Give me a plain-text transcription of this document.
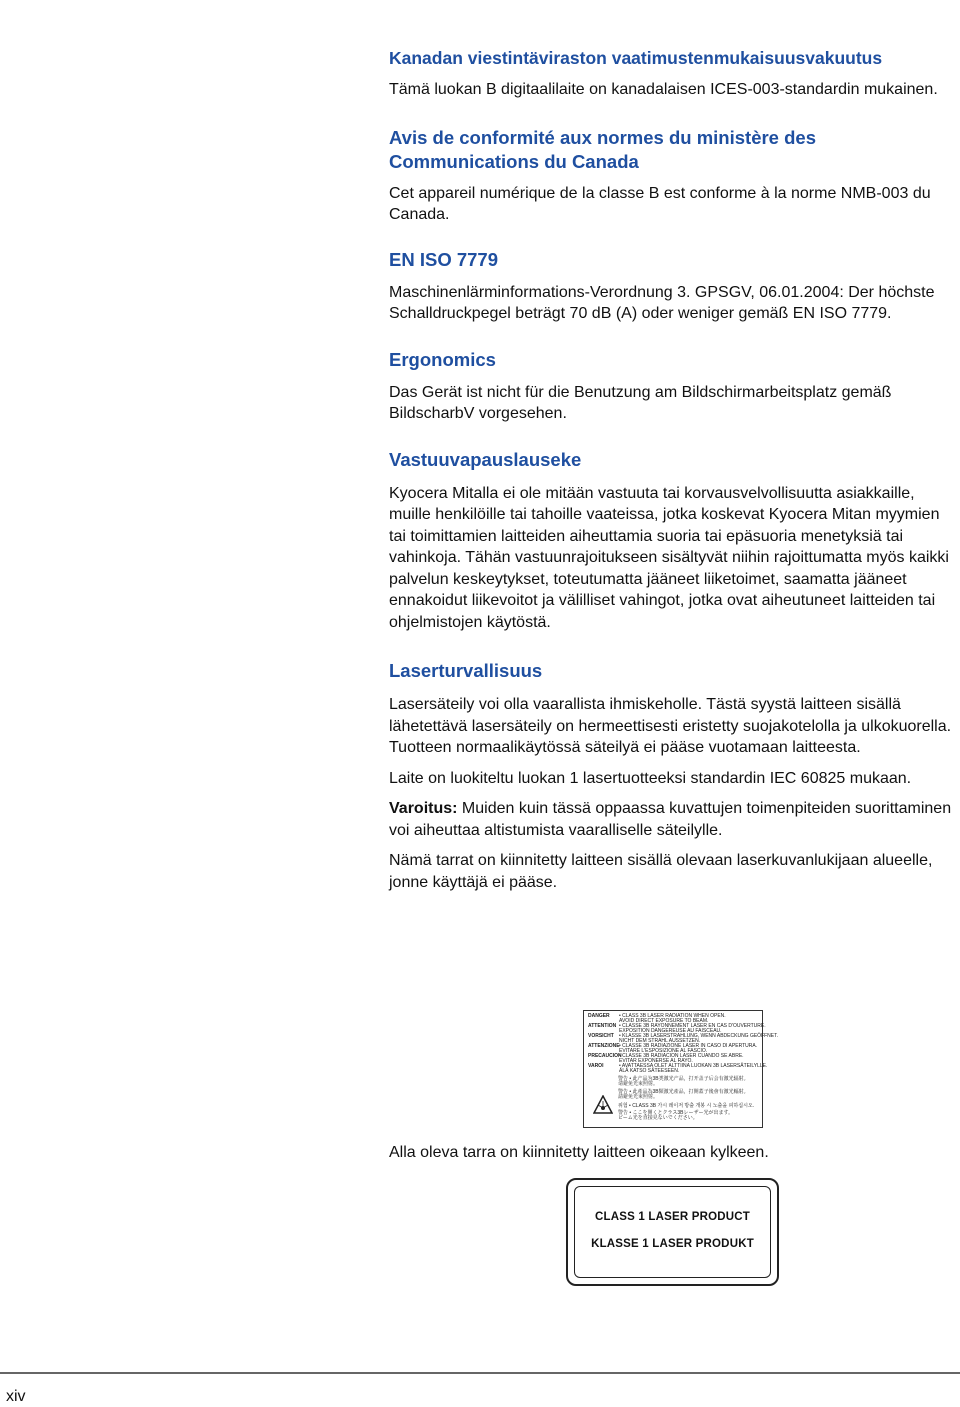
Kanadan viestintäviraston vaatimustenmukaisuusvakuutus

Tämä luokan B digitaalilaite on kanadalaisen ICES-003-standardin mukainen.

Avis de conformité aux normes du ministère des Communications du Canada

Cet appareil numérique de la classe B est conforme à la norme NMB-003 du Canada.

EN ISO 7779

Maschinenlärminformations-Verordnung 3. GPSGV, 06.01.2004: Der höchste Schalldruckpegel beträgt 70 dB (A) oder weniger gemäß EN ISO 7779.

Ergonomics

Das Gerät ist nicht für die Benutzung am Bildschirmarbeitsplatz gemäß BildscharbV vorgesehen.

Vastuuvapauslauseke

Kyocera Mitalla ei ole mitään vastuuta tai korvausvelvollisuutta asiakkaille, muille henkilöille tai tahoille vaateissa, jotka koskevat Kyocera Mitan myymien tai toimittamien laitteiden aiheuttamia suoria tai epäsuoria menetyksiä tai vahinkoja. Tähän vastuunrajoitukseen sisältyvät niihin rajoittumatta myös kaikki palvelun keskeytykset, toteutumatta jääneet liiketoimet, saamatta jääneet ennakoidut liikevoitot ja välilliset vahingot, jotka ovat aiheutuneet laitteiden tai ohjelmistojen käytöstä.

Laserturvallisuus

Lasersäteily voi olla vaarallista ihmiskeholle. Tästä syystä laitteen sisällä lähetettävä lasersäteily on hermeettisesti eristetty suojakotelolla ja ulkokuorella. Tuotteen normaalikäytössä säteilyä ei pääse vuotamaan laitteesta.

Laite on luokiteltu luokan 1 lasertuotteeksi standardin IEC 60825 mukaan.

Varoitus: Muiden kuin tässä oppaassa kuvattujen toimenpiteiden suorittaminen voi aiheuttaa altistumista vaaralliselle säteilylle.

Nämä tarrat on kiinnitetty laitteen sisällä olevaan laserkuvanlukijaan alueelle, jonne käyttäjä ei pääse.

DANGER • CLASS 3B LASER RADIATION WHEN OPEN.
AVOID DIRECT EXPOSURE TO BEAM.
ATTENTION • CLASSE 3B RAYONNEMENT LASER EN CAS D'OUVERTURE.
EXPOSITION DANGEREUSE AU FAISCEAU.
VORSICHT • KLASSE 3B LASERSTRAHLUNG, WENN ABDECKUNG GEÖFFNET.
NICHT DEM STRAHL AUSSETZEN.
ATTENZIONE• CLASSE 3B RADIAZIONE LASER IN CASO DI APERTURA.
EVITARE L'ESPOSIZIONE AL FASCIO.
PRECAUCION• CLASSE 3B RADIACION LASER CUANDO SE ABRE.
EVITAR EXPONERSE AL RAYO.
VAROI	• AVATTAESSA OLET ALTTIINA LUOKAN 3B LASERSÄTEILYLLE.
ÄLÄ KATSO SÄTEESEEN.
警告 • 此产品为3B类激光产品，打开盖子后会有激光辐射。
请避免光束照射。
警告 • 此產品為3B類激光產品，打開蓋子後會有激光輻射。
請避免光束照射。
위험 • CLASS 3B 가시 레이저 방출 개봉 시 노출을 피하십시오.
警告 • ここを開くとクラス3Bレーザー光が出ます。
ビーム光を直接見ないでください。

Alla oleva tarra on kiinnitetty laitteen oikeaan kylkeen.

CLASS 1 LASER PRODUCT
KLASSE 1 LASER PRODUKT
xiv
